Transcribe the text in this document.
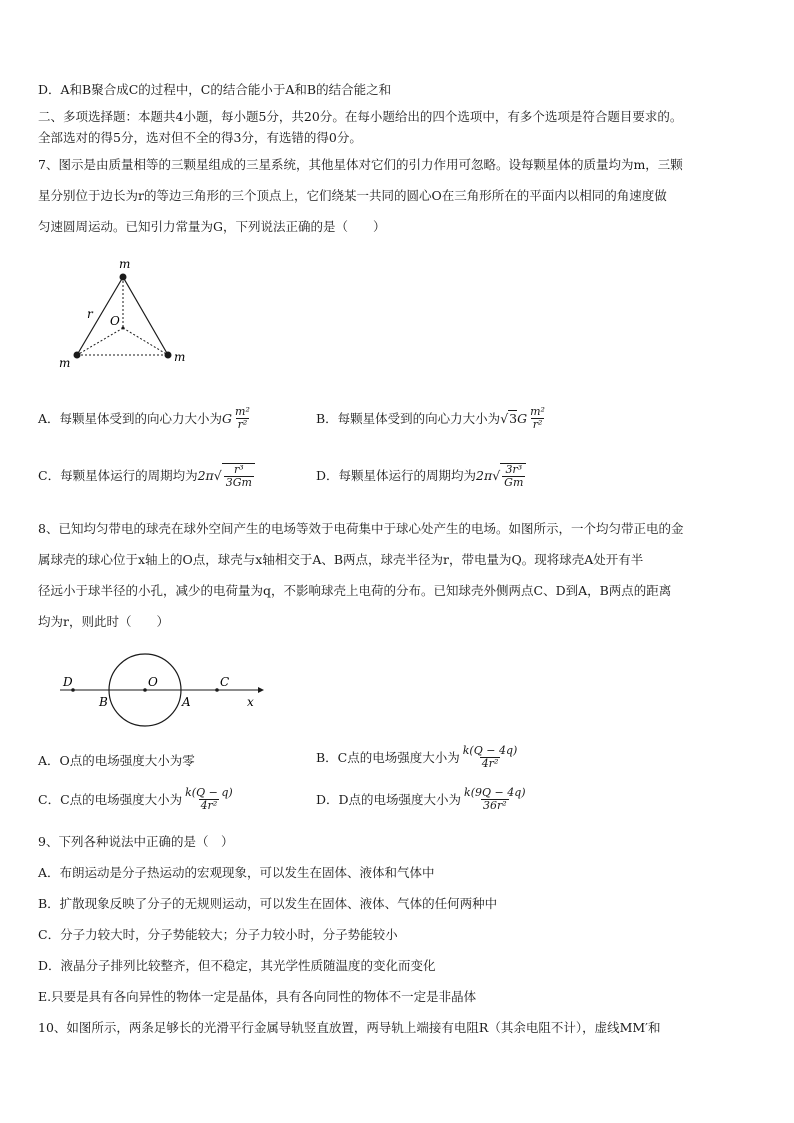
D．A和B聚合成C的过程中，C的结合能小于A和B的结合能之和
二、多项选择题：本题共4小题，每小题5分，共20分。在每小题给出的四个选项中，有多个选项是符合题目要求的。
全部选对的得5分，选对但不全的得3分，有选错的得0分。
7、图示是由质量相等的三颗星组成的三星系统，其他星体对它们的引力作用可忽略。设每颗星体的质量均为m，三颗
星分别位于边长为r的等边三角形的三个顶点上，它们绕某一共同的圆心O在三角形所在的平面内以相同的角速度做
匀速圆周运动。已知引力常量为G，下列说法正确的是（　　）
m
m	m
O
r
A．每颗星体受到的向心力大小为 G $\frac{\text{m²}}{\text{r²}}$	B．每颗星体受到的向心力大小为 √ 3 G $\frac{\text{m²}}{\text{r²}}$
C．每颗星体运行的周期均为 2π √ $\frac{\text{r³}}{3Gm}$	D．每颗星体运行的周期均为 2π √ $\frac{\text{3r³}}{Gm}$
8、已知均匀带电的球壳在球外空间产生的电场等效于电荷集中于球心处产生的电场。如图所示，一个均匀带正电的金
属球壳的球心位于x轴上的O点，球壳与x轴相交于A、B两点，球壳半径为r，带电量为Q。现将球壳A处开有半
径远小于球半径的小孔，减少的电荷量为q，不影响球壳上电荷的分布。已知球壳外侧两点C、D到A，B两点的距离
均为r，则此时（　　）
D	O	C
B	A	x
A．O点的电场强度大小为零	B．C点的电场强度大小为 $\frac{k(Q - 4q)}{\text{4r²}}$
C．C点的电场强度大小为 $\frac{k(Q - q)}{\text{4r²}}$	D．D点的电场强度大小为 $\frac{k(9Q - 4q)}{\text{36r²}}$
9、下列各种说法中正确的是（　）
A．布朗运动是分子热运动的宏观现象，可以发生在固体、液体和气体中
B．扩散现象反映了分子的无规则运动，可以发生在固体、液体、气体的任何两种中
C．分子力较大时，分子势能较大；分子力较小时，分子势能较小
D．液晶分子排列比较整齐，但不稳定，其光学性质随温度的变化而变化
E.只要是具有各向异性的物体一定是晶体，具有各向同性的物体不一定是非晶体
10、如图所示，两条足够长的光滑平行金属导轨竖直放置，两导轨上端接有电阻R（其余电阻不计），虚线MM′和
